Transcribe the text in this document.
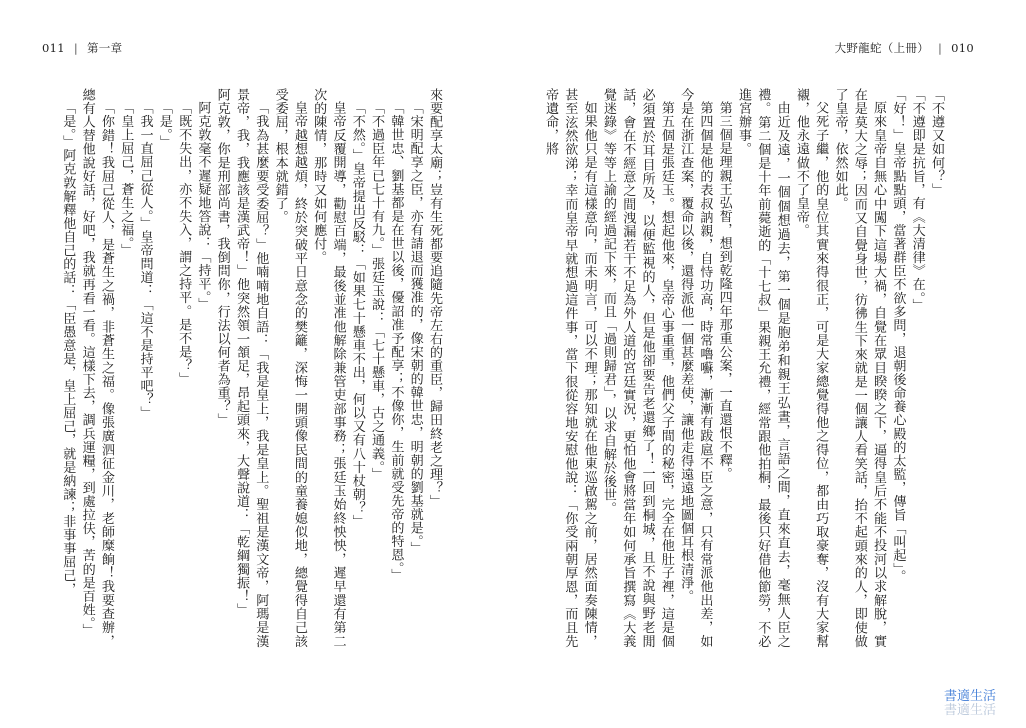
011 | 第一章	大野龍蛇（上冊） | 010

「不遵又如何？」

「不遵即是抗旨，有《大清律》在。」

「好！」皇帝點點頭，當著群臣不欲多問，退朝後命養心殿的太監，傳旨「叫起」。

原來皇帝自無心中闖下這場大禍，自覺在眾目睽睽之下，逼得皇后不能不投河以求解脫，實在是莫大之辱；因而又自覺身世，彷彿生下來就是一個讓人看笑話，抬不起頭來的人，即使做了皇帝，依然如此。

父死子繼，他的皇位其實來得很正，可是大家總覺得他之得位，都由巧取豪奪，沒有大家幫襯，他永遠做不了皇帝。

由近及遠，一個個想過去，第一個是胞弟和親王弘晝，言語之間，直來直去，毫無人臣之禮。第二個是十年前薨逝的「十七叔」果親王允禮，經常跟他拍桐，最後只好借他節勞，不必進宮辦事。

第三個是理親王弘皙，想到乾隆四年那重公案，一直還恨不釋。

第四個是他的表叔訥親，自恃功高，時常嚕囌，漸漸有跋扈不臣之意，只有常派他出差，如今是在浙江查案，覆命以後，還得派他一個甚麼差使，讓他走得遠遠地圖個耳根清淨。

第五個是張廷玉。想起他來，皇帝心事重重，他們父子間的秘密，完全在他肚子裡，這是個必須置於耳目所及，以便監視的人，但是他卻要告老還鄉了！一回到桐城，且不說與野老閒話，會在不經意之間洩漏若干不足為外人道的宮廷實況，更怕他會將當年如何承旨撰寫《大義覺迷錄》等等上諭的經過記下來，而且「過則歸君」，以求自解於後世。

如果他只是有這樣意向，而未明言，可以不理；那知就在他東巡啟駕之前，居然面奏陳情，甚至泫然欲涕；幸而皇帝早就想過這件事，當下很從容地安慰他說：「你受兩朝厚恩，而且先帝遺命，將

來要配享太廟；豈有生死都要追隨先帝左右的重臣，歸田終老之理？」

「宋明配享之臣，亦有請退而獲准的，像宋朝的韓世忠，明朝的劉基就是。」

「韓世忠、劉基都是在世以後，優詔准予配享；不像你，生前就受先帝的特恩。」

「不過臣年已七十有九。」張廷玉說：「七十懸車，古之通義。」

「不然。」皇帝提出反駁：「如果七十懸車不出，何以又有八十杖朝？」

皇帝反覆開導，勸慰百端，最後並准他解除兼管吏部事務；張廷玉始終怏怏，遲早還有第二次的陳情，那時又如何應付。

皇帝越想越煩，終於突破平日意念的樊籬，深悔一開頭像民間的童養媳似地，總覺得自己該受委屈，根本就錯了。

「我為甚麼要受委屈？」他喃喃地自語：「我是皇上，我是皇上。聖祖是漢文帝，阿瑪是漢景帝，我，我應該是漢武帝！」他突然領一頷足，昂起頭來，大聲說道：「乾綱獨振！」

阿克敦，你是刑部尚書，我倒問你，行法以何者為重？」

阿克敦毫不遲疑地答說：「持平。」

「既不失出，亦不失入，謂之持平。是不是？」

「是。」

「我一直屈己從人。」皇帝問道：「這不是持平吧？」

「皇上屈己，蒼生之福。」

「你錯！我屈己從人，是蒼生之禍，非蒼生之福。像張廣泗征金川，老師糜餉！我要查辦，總有人替他說好話，好吧，我就再看一看。這樣下去，調兵運糧，到處拉伕，苦的是百姓。」

「是。」阿克敦解釋他自己的話：「臣愚意是，皇上屈己，就是納諫；非事事屈己，

書適生活
書適生活
